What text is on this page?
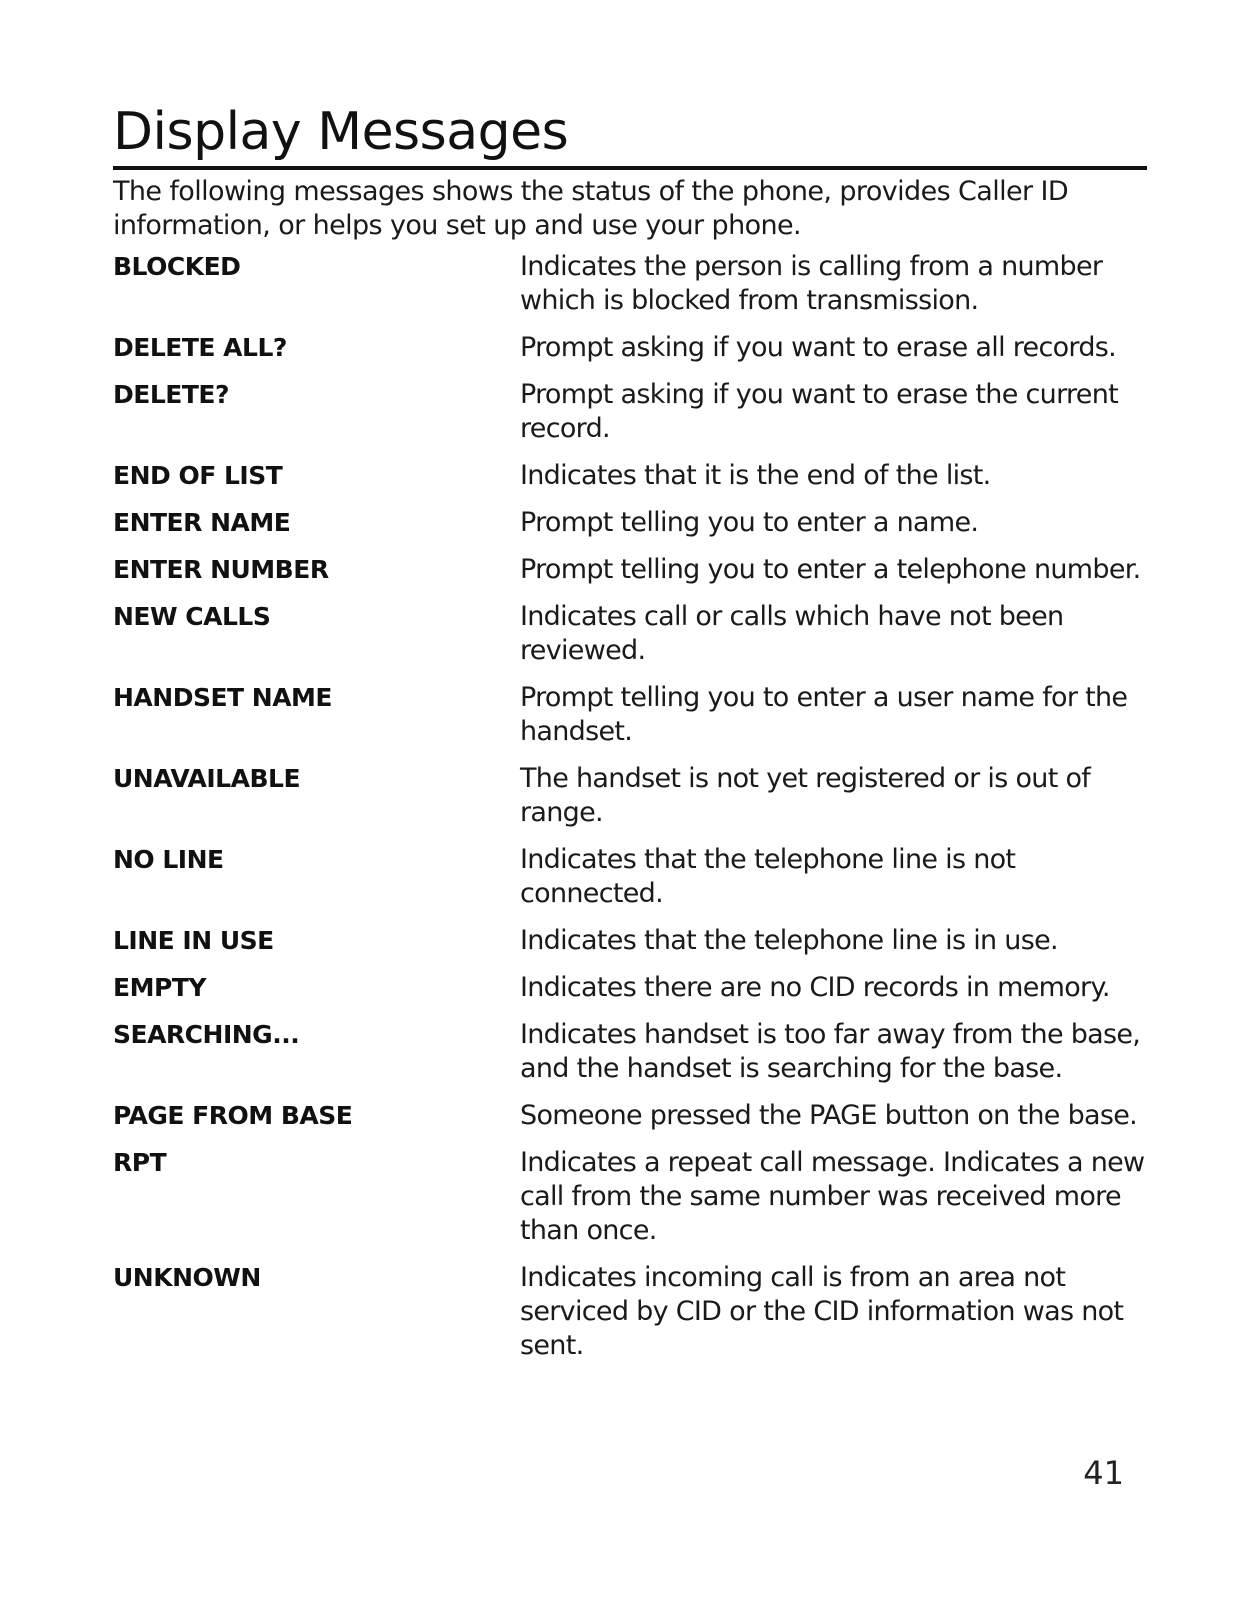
Display Messages

The following messages shows the status of the phone, provides Caller ID information, or helps you set up and use your phone.

BLOCKED	Indicates the person is calling from a number which is blocked from transmission.
DELETE ALL?	Prompt asking if you want to erase all records.
DELETE?	Prompt asking if you want to erase the current record.
END OF LIST	Indicates that it is the end of the list.
ENTER NAME	Prompt telling you to enter a name.
ENTER NUMBER	Prompt telling you to enter a telephone number.
NEW CALLS	Indicates call or calls which have not been reviewed.
HANDSET NAME	Prompt telling you to enter a user name for the handset.
UNAVAILABLE	The handset is not yet registered or is out of range.
NO LINE	Indicates that the telephone line is not connected.
LINE IN USE	Indicates that the telephone line is in use.
EMPTY	Indicates there are no CID records in memory.
SEARCHING...	Indicates handset is too far away from the base, and the handset is searching for the base.
PAGE FROM BASE	Someone pressed the PAGE button on the base.
RPT	Indicates a repeat call message. Indicates a new call from the same number was received more than once.
UNKNOWN	Indicates incoming call is from an area not serviced by CID or the CID information was not sent.
41
